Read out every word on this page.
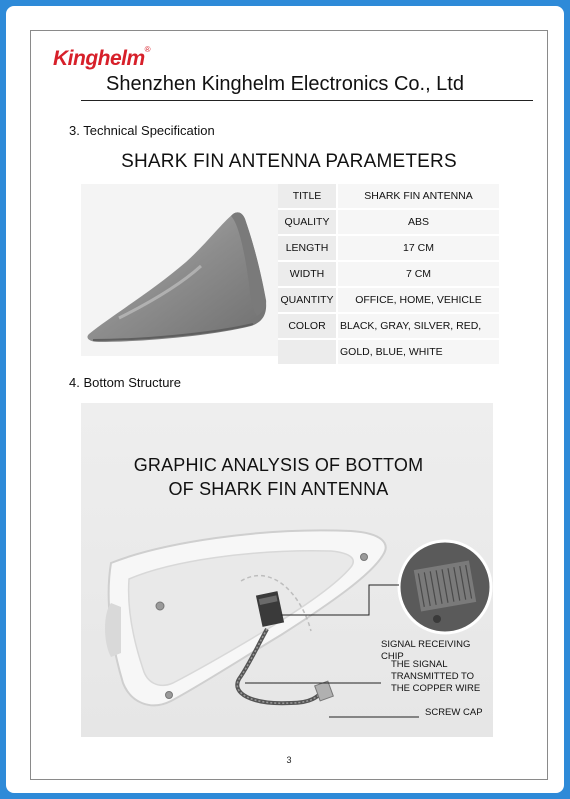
Kinghelm®
Shenzhen Kinghelm Electronics Co., Ltd
3. Technical Specification
SHARK FIN ANTENNA PARAMETERS
TITLE	SHARK FIN ANTENNA
QUALITY	ABS
LENGTH	17 CM
WIDTH	7 CM
QUANTITY	OFFICE, HOME, VEHICLE
COLOR	BLACK, GRAY, SILVER, RED,
	GOLD, BLUE, WHITE
4. Bottom Structure
GRAPHIC ANALYSIS OF BOTTOM
OF SHARK FIN ANTENNA
SIGNAL RECEIVING CHIP
THE SIGNAL
TRANSMITTED TO
THE COPPER WIRE
SCREW CAP
3
